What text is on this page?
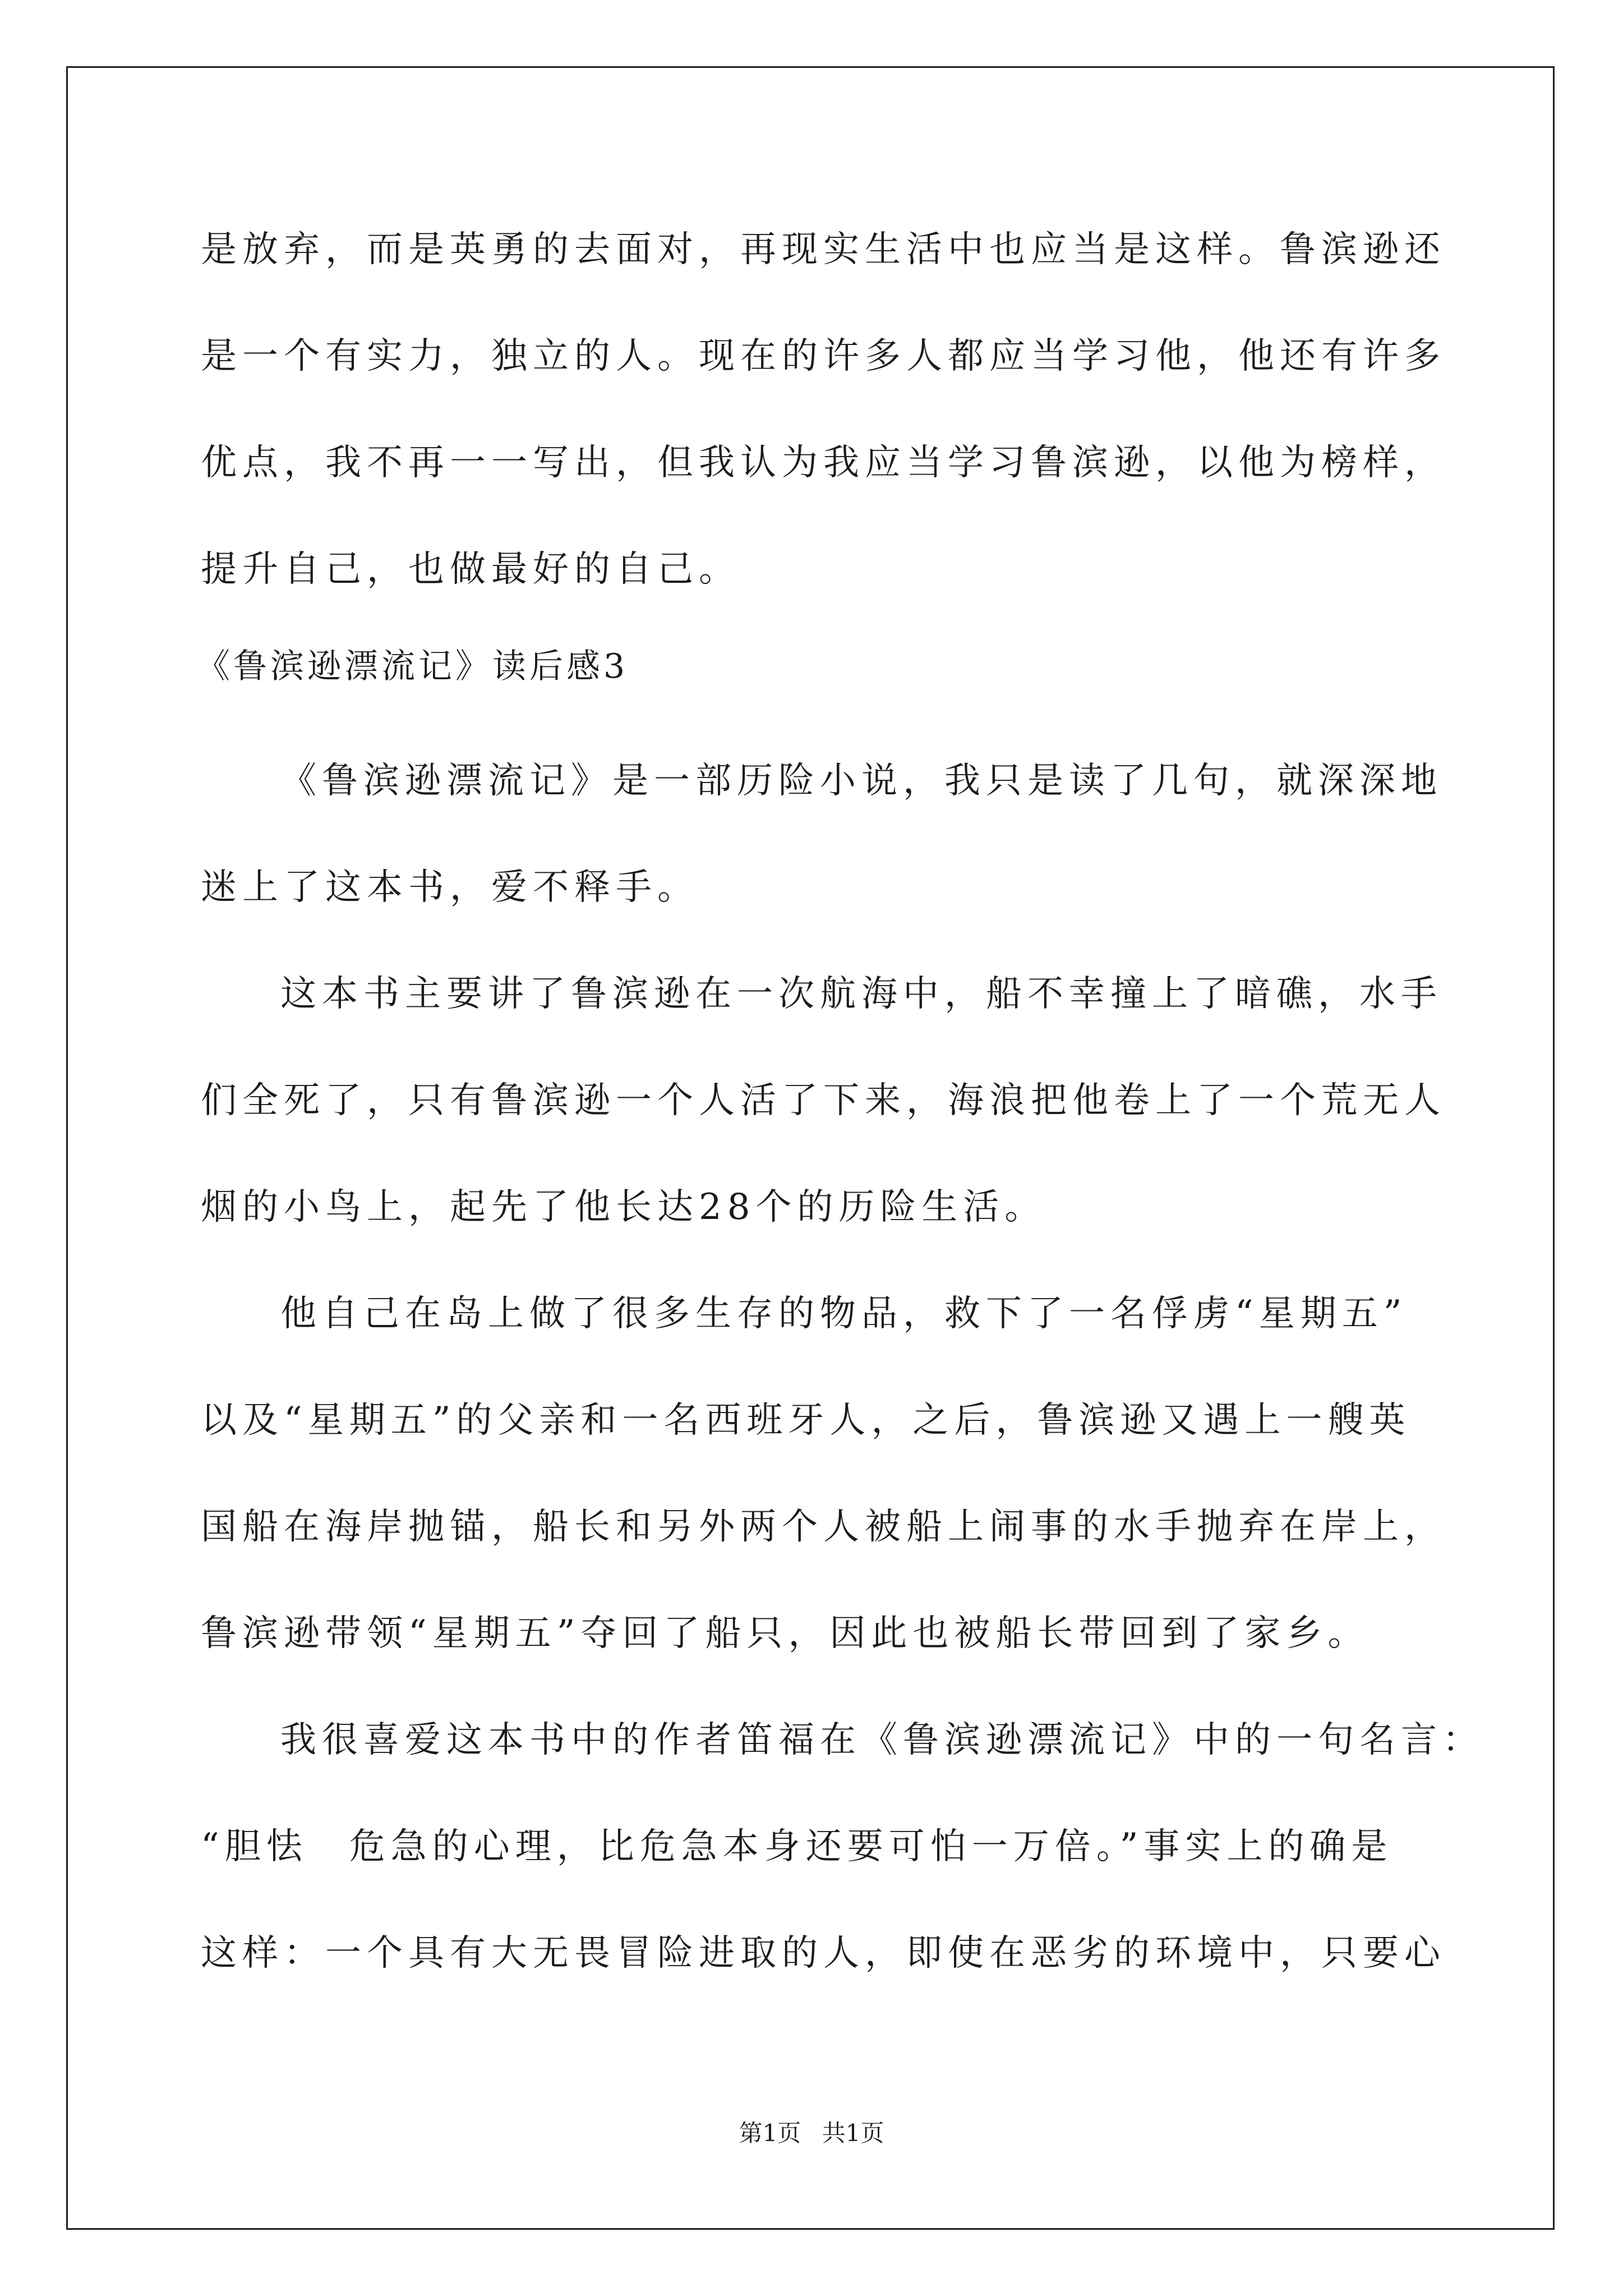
是放弃，而是英勇的去面对，再现实生活中也应当是这样。鲁滨逊还
是一个有实力，独立的人。现在的许多人都应当学习他，他还有许多
优点，我不再一一写出，但我认为我应当学习鲁滨逊，以他为榜样，
提升自己，也做最好的自己。
《鲁滨逊漂流记》读后感3
《鲁滨逊漂流记》是一部历险小说，我只是读了几句，就深深地
迷上了这本书，爱不释手。
这本书主要讲了鲁滨逊在一次航海中，船不幸撞上了暗礁，水手
们全死了，只有鲁滨逊一个人活了下来，海浪把他卷上了一个荒无人
烟的小鸟上，起先了他长达28个的历险生活。
他自己在岛上做了很多生存的物品，救下了一名俘虏“星期五”
以及“星期五”的父亲和一名西班牙人，之后，鲁滨逊又遇上一艘英
国船在海岸抛锚，船长和另外两个人被船上闹事的水手抛弃在岸上，
鲁滨逊带领“星期五”夺回了船只，因此也被船长带回到了家乡。
我很喜爱这本书中的作者笛福在《鲁滨逊漂流记》中的一句名言：
“胆怯　危急的心理，比危急本身还要可怕一万倍。”事实上的确是
这样：一个具有大无畏冒险进取的人，即使在恶劣的环境中，只要心
第1页 共1页
